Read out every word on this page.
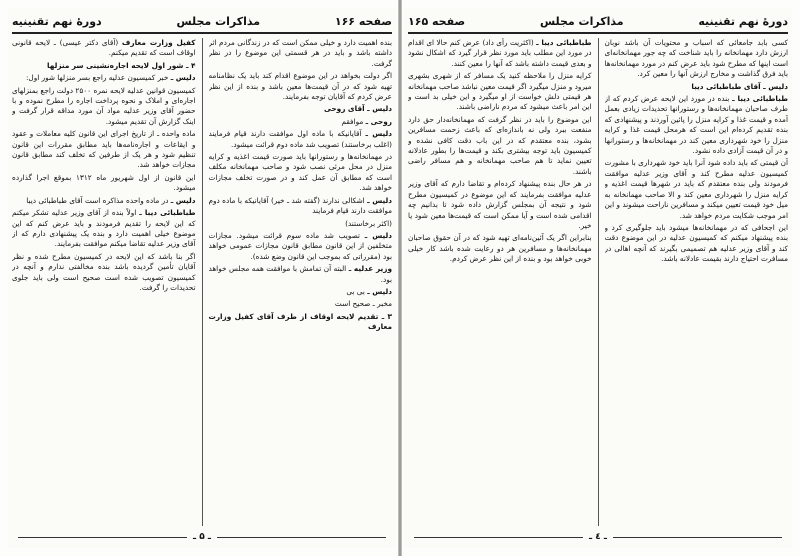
دورهٔ نهم تقنینیه
مذاکرات مجلس
صفحه ۱۶۵

کسی بابد جامعائی که اسباب و محتویات آن باشد نوبان ارزش دارد مهمانخانه را باید شناخت که چه جور مهمانخانه‌ای است اینها که مطرح شود باید عرض کنم در مورد مهمانخانه‌ها باید فرق گذاشت و مخارج ارزش آنها را معین کرد.

دلیس ـ آقای طباطبائی دیبا

طباطبائی دیبا ـ بنده در مورد این لایحه عرض کردم که از طرف صاحبان مهمانخانه‌ها و رستورانها تحدیدات زیادی بعمل آمده و قیمت غذا و کرایه منزل را پائین آوردند و پیشنهادی که بنده تقدیم کرده‌ام این است که هرمحل قیمت غذا و کرایه منزل را خود شهرداری معین کند در مهمانخانه‌ها و رستورانها و در آن قیمت آزادی داده نشود.

آن قیمتی که باید داده شود آنرا باید خود شهرداری با مشورت کمیسیون عدلیه مطرح کند و آقای وزیر عدلیه موافقت فرمودند ولی بنده معتقدم که باید در شهرها قیمت اغذیه و کرایه منزل را شهرداری معین کند و الا صاحب مهمانخانه به میل خود قیمت تعیین میکند و مسافرین ناراحت میشوند و این امر موجب شکایت مردم خواهد شد.

این اجحافی که در مهمانخانه‌ها میشود باید جلوگیری کرد و بنده پیشنهاد میکنم که کمیسیون عدلیه در این موضوع دقت کند و آقای وزیر عدلیه هم تصمیمی بگیرند که آنچه اهالی در مسافرت احتیاج دارند بقیمت عادلانه باشد.

طباطبائی دیبا ـ (اکثریت رأی داد) عرض کنم حالا ای اقدام در مورد این مطلب باید مورد نظر قرار گیرد که اشکال نشود و بعدی قیمت داشته باشد که آنها را معین کنند.

کرایه منزل را ملاحظه کنید یک مسافر که از شهری بشهری میرود و منزل میگیرد اگر قیمت معین نباشد صاحب مهمانخانه هر قیمتی دلش خواست از او میگیرد و این خیلی بد است و این امر باعث میشود که مردم ناراضی باشند.

این موضوع را باید در نظر گرفت که مهمانخانه‌دار حق دارد منفعت ببرد ولی نه باندازه‌ای که باعث زحمت مسافرین بشود، بنده معتقدم که در این باب دقت کافی نشده و کمیسیون باید توجه بیشتری بکند و قیمت‌ها را بطور عادلانه تعیین نماید تا هم صاحب مهمانخانه و هم مسافر راضی باشند.

در هر حال بنده پیشنهاد کرده‌ام و تقاضا دارم که آقای وزیر عدلیه موافقت بفرمایند که این موضوع در کمیسیون مطرح شود و نتیجه آن بمجلس گزارش داده شود تا بدانیم چه اقدامی شده است و آیا ممکن است که قیمت‌ها معین شود یا خیر.

بنابراین اگر یک آئین‌نامه‌ای تهیه شود که در آن حقوق صاحبان مهمانخانه‌ها و مسافرین هر دو رعایت شده باشد کار خیلی خوبی خواهد بود و بنده از این نظر عرض کردم.

ـ ٤ ـ
صفحه ۱۶۶
مذاکرات مجلس
دورهٔ نهم تقنینیه

بنده اهمیت دارد و خیلی ممکن است که در زندگانی مردم اثر داشته باشد و باید در هر قسمتی این موضوع را در نظر گرفت.

اگر دولت بخواهد در این موضوع اقدام کند باید یک نظامنامه تهیه شود که در آن قیمت‌ها معین باشد و بنده از این نظر عرض کردم که آقایان توجه بفرمایند.

دلیس ـ آقای روحی

روحی ـ موافقم

دلیس ـ آقایانیکه با ماده اول موافقت دارند قیام فرمایند (اغلب برخاستند) تصویب شد ماده دوم قرائت میشود.

در مهمانخانه‌ها و رستورانها باید صورت قیمت اغذیه و کرایه منزل در محل مرئی نصب شود و صاحب مهمانخانه مکلف است که مطابق آن عمل کند و در صورت تخلف مجازات خواهد شد.

دلیس ـ اشکالی ندارند (گفته شد ـ خیر) آقایانیکه با ماده دوم موافقت دارند قیام فرمایند

(اکثر برخاستند)

دلیس ـ تصویب شد ماده سوم قرائت میشود. مجازات متخلفین از این قانون مطابق قانون مجازات عمومی خواهد بود (مقرراتی که بموجب این قانون وضع شده).

وزیر عدلیه ـ البته آن تمامش با موافقت همه مجلس خواهد بود.

دلیس ـ بی بی

مخبر ـ صحیح است

۳ ـ تقدیم لایحه اوقاف از طرف آقای کفیل وزارت معارف

کفیل وزارت معارف (آقای دکتر عیسی) ـ لایحه قانونی اوقاف است که تقدیم میکنم.

۴ ـ شور اول لایحه اجاره‌نشینی سر منزلها

دلیس ـ خبر کمیسیون عدلیه راجع بسر منزلها شور اول:

کمیسیون قوانین عدلیه لایحه نمره ۲۵۰۰ دولت راجع بمنزلهای اجاره‌ای و املاک و نحوه پرداخت اجاره را مطرح نموده و با حضور آقای وزیر عدلیه مواد آن مورد مداقه قرار گرفت و اینک گزارش آن تقدیم میشود.

ماده واحده ـ از تاریخ اجرای این قانون کلیه معاملات و عقود و ایقاعات و اجاره‌نامه‌ها باید مطابق مقررات این قانون تنظیم شود و هر یک از طرفین که تخلف کند مطابق قانون مجازات خواهد شد.

این قانون از اول شهریور ماه ۱۳۱۲ بموقع اجرا گذارده میشود.

دلیس ـ در ماده واحده مذاکره است آقای طباطبائی دیبا

طباطبائی دیبا ـ اولاً بنده از آقای وزیر عدلیه تشکر میکنم که این لایحه را تقدیم فرمودند و باید عرض کنم که این موضوع خیلی اهمیت دارد و بنده یک پیشنهادی دارم که از آقای وزیر عدلیه تقاضا میکنم موافقت بفرمایند.

اگر بنا باشد که این لایحه در کمیسیون مطرح شده و نظر آقایان تأمین گردیده باشد بنده مخالفتی ندارم و آنچه در کمیسیون تصویب شده است صحیح است ولی باید جلوی تحدیدات را گرفت.

ـ ۵ ـ
